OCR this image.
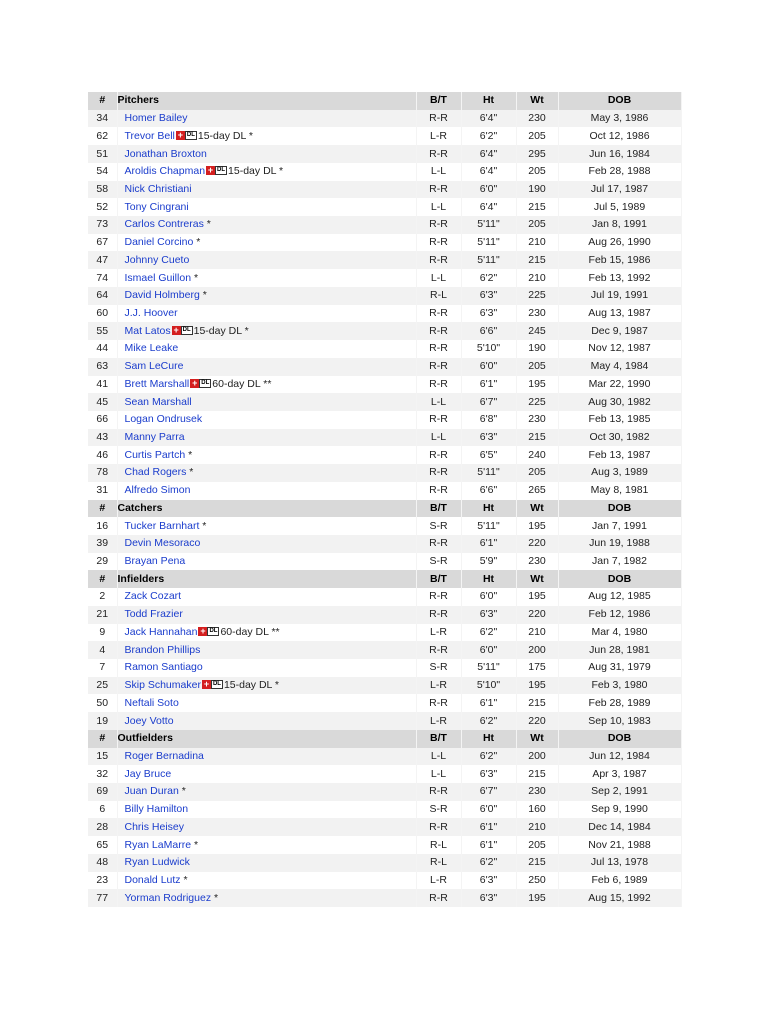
#	Pitchers	B/T	Ht	Wt	DOB
34	Homer Bailey	R-R	6'4"	230	May 3, 1986
62	Trevor Bell + DL 15-day DL *	L-R	6'2"	205	Oct 12, 1986
51	Jonathan Broxton	R-R	6'4"	295	Jun 16, 1984
54	Aroldis Chapman + DL 15-day DL *	L-L	6'4"	205	Feb 28, 1988
58	Nick Christiani	R-R	6'0"	190	Jul 17, 1987
52	Tony Cingrani	L-L	6'4"	215	Jul 5, 1989
73	Carlos Contreras *	R-R	5'11"	205	Jan 8, 1991
67	Daniel Corcino *	R-R	5'11"	210	Aug 26, 1990
47	Johnny Cueto	R-R	5'11"	215	Feb 15, 1986
74	Ismael Guillon *	L-L	6'2"	210	Feb 13, 1992
64	David Holmberg *	R-L	6'3"	225	Jul 19, 1991
60	J.J. Hoover	R-R	6'3"	230	Aug 13, 1987
55	Mat Latos + DL 15-day DL *	R-R	6'6"	245	Dec 9, 1987
44	Mike Leake	R-R	5'10"	190	Nov 12, 1987
63	Sam LeCure	R-R	6'0"	205	May 4, 1984
41	Brett Marshall + DL 60-day DL **	R-R	6'1"	195	Mar 22, 1990
45	Sean Marshall	L-L	6'7"	225	Aug 30, 1982
66	Logan Ondrusek	R-R	6'8"	230	Feb 13, 1985
43	Manny Parra	L-L	6'3"	215	Oct 30, 1982
46	Curtis Partch *	R-R	6'5"	240	Feb 13, 1987
78	Chad Rogers *	R-R	5'11"	205	Aug 3, 1989
31	Alfredo Simon	R-R	6'6"	265	May 8, 1981
#	Catchers	B/T	Ht	Wt	DOB
16	Tucker Barnhart *	S-R	5'11"	195	Jan 7, 1991
39	Devin Mesoraco	R-R	6'1"	220	Jun 19, 1988
29	Brayan Pena	S-R	5'9"	230	Jan 7, 1982
#	Infielders	B/T	Ht	Wt	DOB
2	Zack Cozart	R-R	6'0"	195	Aug 12, 1985
21	Todd Frazier	R-R	6'3"	220	Feb 12, 1986
9	Jack Hannahan + DL 60-day DL **	L-R	6'2"	210	Mar 4, 1980
4	Brandon Phillips	R-R	6'0"	200	Jun 28, 1981
7	Ramon Santiago	S-R	5'11"	175	Aug 31, 1979
25	Skip Schumaker + DL 15-day DL *	L-R	5'10"	195	Feb 3, 1980
50	Neftali Soto	R-R	6'1"	215	Feb 28, 1989
19	Joey Votto	L-R	6'2"	220	Sep 10, 1983
#	Outfielders	B/T	Ht	Wt	DOB
15	Roger Bernadina	L-L	6'2"	200	Jun 12, 1984
32	Jay Bruce	L-L	6'3"	215	Apr 3, 1987
69	Juan Duran *	R-R	6'7"	230	Sep 2, 1991
6	Billy Hamilton	S-R	6'0"	160	Sep 9, 1990
28	Chris Heisey	R-R	6'1"	210	Dec 14, 1984
65	Ryan LaMarre *	R-L	6'1"	205	Nov 21, 1988
48	Ryan Ludwick	R-L	6'2"	215	Jul 13, 1978
23	Donald Lutz *	L-R	6'3"	250	Feb 6, 1989
77	Yorman Rodriguez *	R-R	6'3"	195	Aug 15, 1992
